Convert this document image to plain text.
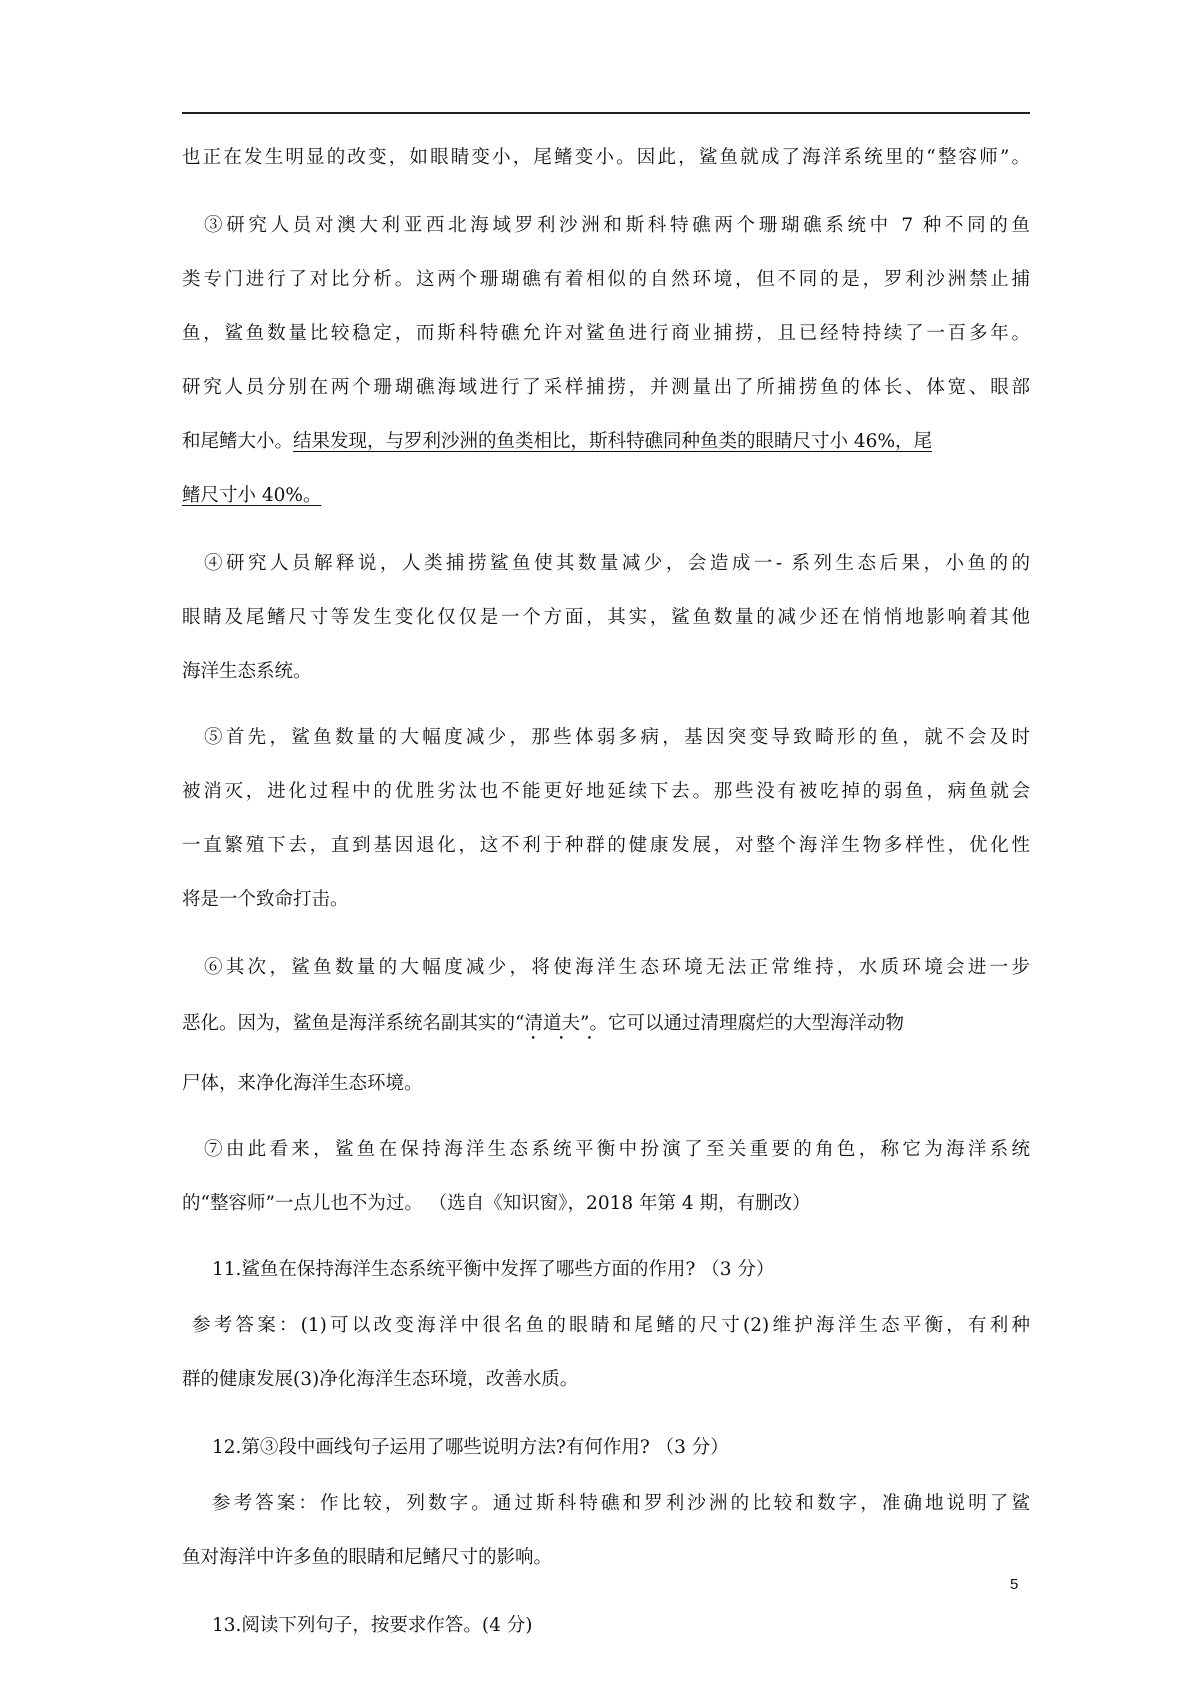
也正在发生明显的改变，如眼睛变小，尾鳍变小。因此，鲨鱼就成了海洋系统里的“整容师”。
③研究人员对澳大利亚西北海域罗利沙洲和斯科特礁两个珊瑚礁系统中 7 种不同的鱼
类专门进行了对比分析。这两个珊瑚礁有着相似的自然环境，但不同的是，罗利沙洲禁止捕
鱼，鲨鱼数量比较稳定，而斯科特礁允许对鲨鱼进行商业捕捞，且已经特持续了一百多年。
研究人员分别在两个珊瑚礁海域进行了采样捕捞，并测量出了所捕捞鱼的体长、体宽、眼部
和尾鳍大小。结果发现，与罗利沙洲的鱼类相比，斯科特礁同种鱼类的眼睛尺寸小 46%，尾
鳍尺寸小 40%。
④研究人员解释说，人类捕捞鲨鱼使其数量减少，会造成一- 系列生态后果，小鱼的的
眼睛及尾鳍尺寸等发生变化仅仅是一个方面，其实，鲨鱼数量的减少还在悄悄地影响着其他
海洋生态系统。
⑤首先，鲨鱼数量的大幅度减少，那些体弱多病，基因突变导致畸形的鱼，就不会及时
被消灭，进化过程中的优胜劣汰也不能更好地延续下去。那些没有被吃掉的弱鱼，病鱼就会
一直繁殖下去，直到基因退化，这不利于种群的健康发展，对整个海洋生物多样性，优化性
将是一个致命打击。
⑥其次，鲨鱼数量的大幅度减少，将使海洋生态环境无法正常维持，水质环境会进一步
恶化。因为，鲨鱼是海洋系统名副其实的“清道夫 • • •”。它可以通过清理腐烂的大型海洋动物
尸体，来净化海洋生态环境。
⑦由此看来，鲨鱼在保持海洋生态系统平衡中扮演了至关重要的角色，称它为海洋系统
的“整容师”一点儿也不为过。 （选自《知识窗》，2018 年第 4 期，有删改）
11.鲨鱼在保持海洋生态系统平衡中发挥了哪些方面的作用? （3 分）
参考答案：(1)可以改变海洋中很名鱼的眼睛和尾鳍的尺寸(2)维护海洋生态平衡，有利种
群的健康发展(3)净化海洋生态环境，改善水质。
12.第③段中画线句子运用了哪些说明方法?有何作用? （3 分）
参考答案：作比较，列数字。通过斯科特礁和罗利沙洲的比较和数字，准确地说明了鲨
鱼对海洋中许多鱼的眼睛和尼鳍尺寸的影响。
13.阅读下列句子，按要求作答。(4 分)
5
